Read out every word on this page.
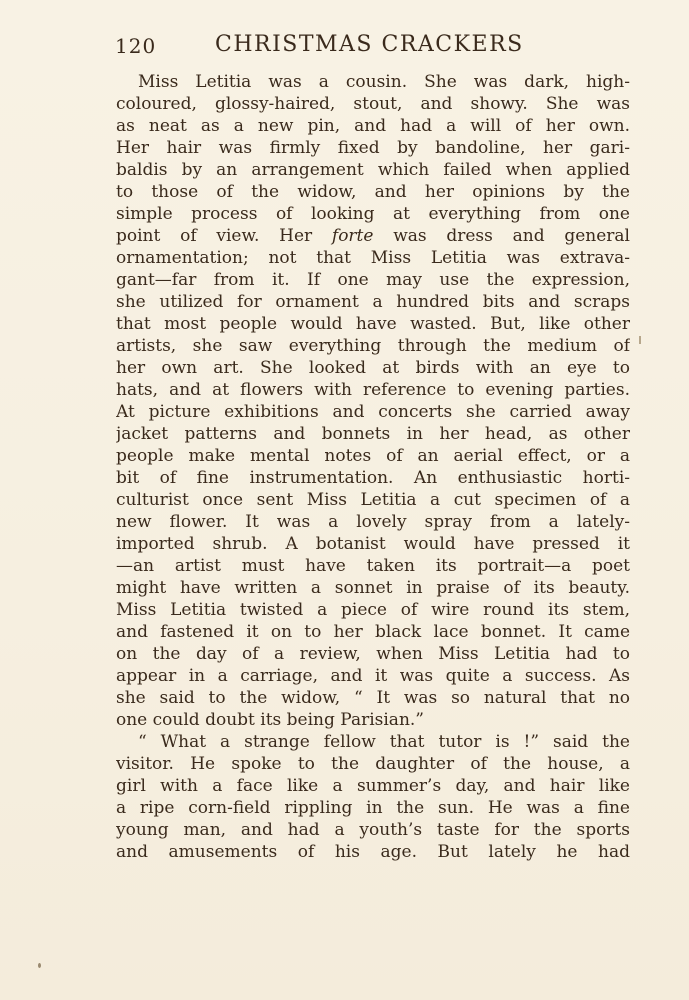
120	CHRISTMAS CRACKERS
Miss Letitia was a cousin. She was dark, high-
coloured, glossy-haired, stout, and showy. She was
as neat as a new pin, and had a will of her own.
Her hair was firmly fixed by bandoline, her gari-
baldis by an arrangement which failed when applied
to those of the widow, and her opinions by the
simple process of looking at everything from one
point of view. Her forte was dress and general
ornamentation; not that Miss Letitia was extrava-
gant—far from it. If one may use the expression,
she utilized for ornament a hundred bits and scraps
that most people would have wasted. But, like other
artists, she saw everything through the medium of
her own art. She looked at birds with an eye to
hats, and at flowers with reference to evening parties.
At picture exhibitions and concerts she carried away
jacket patterns and bonnets in her head, as other
people make mental notes of an aerial effect, or a
bit of fine instrumentation. An enthusiastic horti-
culturist once sent Miss Letitia a cut specimen of a
new flower. It was a lovely spray from a lately-
imported shrub. A botanist would have pressed it
—an artist must have taken its portrait—a poet
might have written a sonnet in praise of its beauty.
Miss Letitia twisted a piece of wire round its stem,
and fastened it on to her black lace bonnet. It came
on the day of a review, when Miss Letitia had to
appear in a carriage, and it was quite a success. As
she said to the widow, “ It was so natural that no
one could doubt its being Parisian.”
“ What a strange fellow that tutor is !” said the
visitor. He spoke to the daughter of the house, a
girl with a face like a summer’s day, and hair like
a ripe corn-field rippling in the sun. He was a fine
young man, and had a youth’s taste for the sports
and amusements of his age. But lately he had
